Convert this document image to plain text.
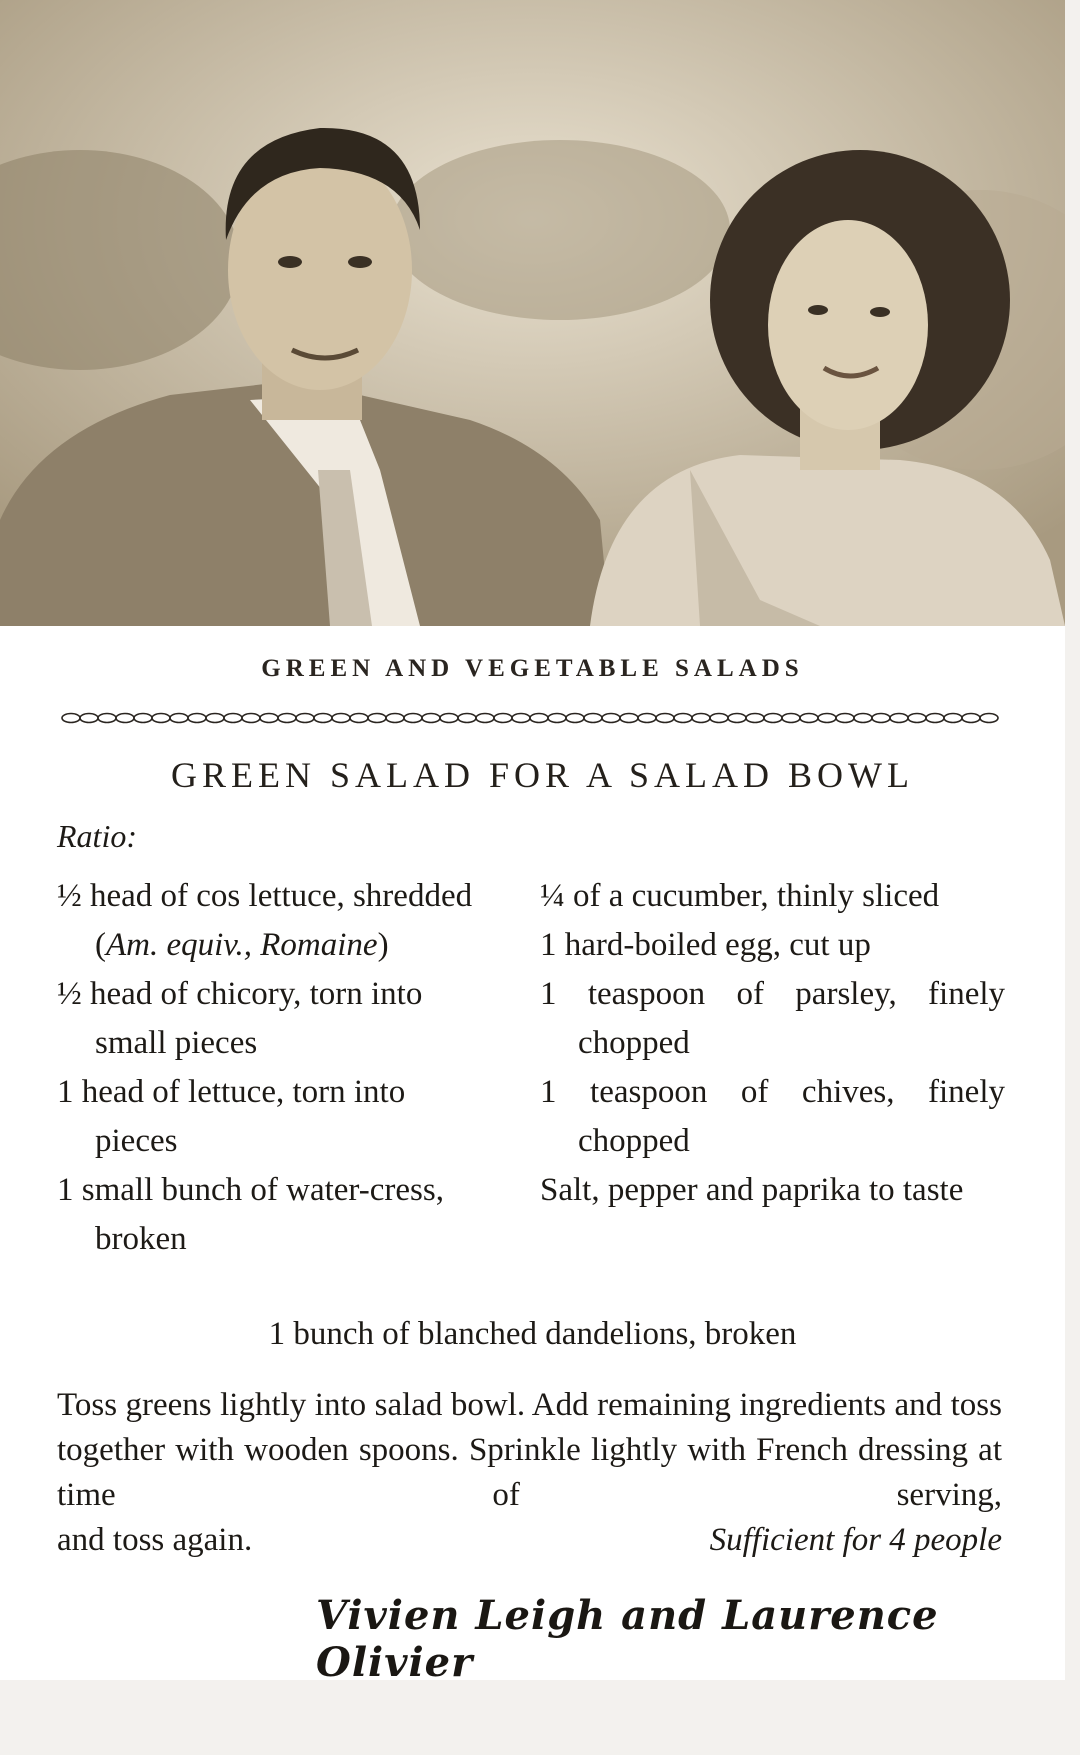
GREEN AND VEGETABLE SALADS
GREEN SALAD FOR A SALAD BOWL
Ratio:

½ head of cos lettuce, shredded (Am. equiv., Romaine)

½ head of chicory, torn into small pieces

1 head of lettuce, torn into pieces

1 small bunch of water-cress, broken

¼ of a cucumber, thinly sliced

1 hard-boiled egg, cut up

1 teaspoon of parsley, finely chopped

1 teaspoon of chives, finely chopped

Salt, pepper and paprika to taste

1 bunch of blanched dandelions, broken
Toss greens lightly into salad bowl. Add remaining ingredients and toss together with wooden spoons. Sprinkle lightly with French dressing at time of serving,
and toss again.	Sufficient for 4 people
Vivien Leigh and Laurence Olivier
